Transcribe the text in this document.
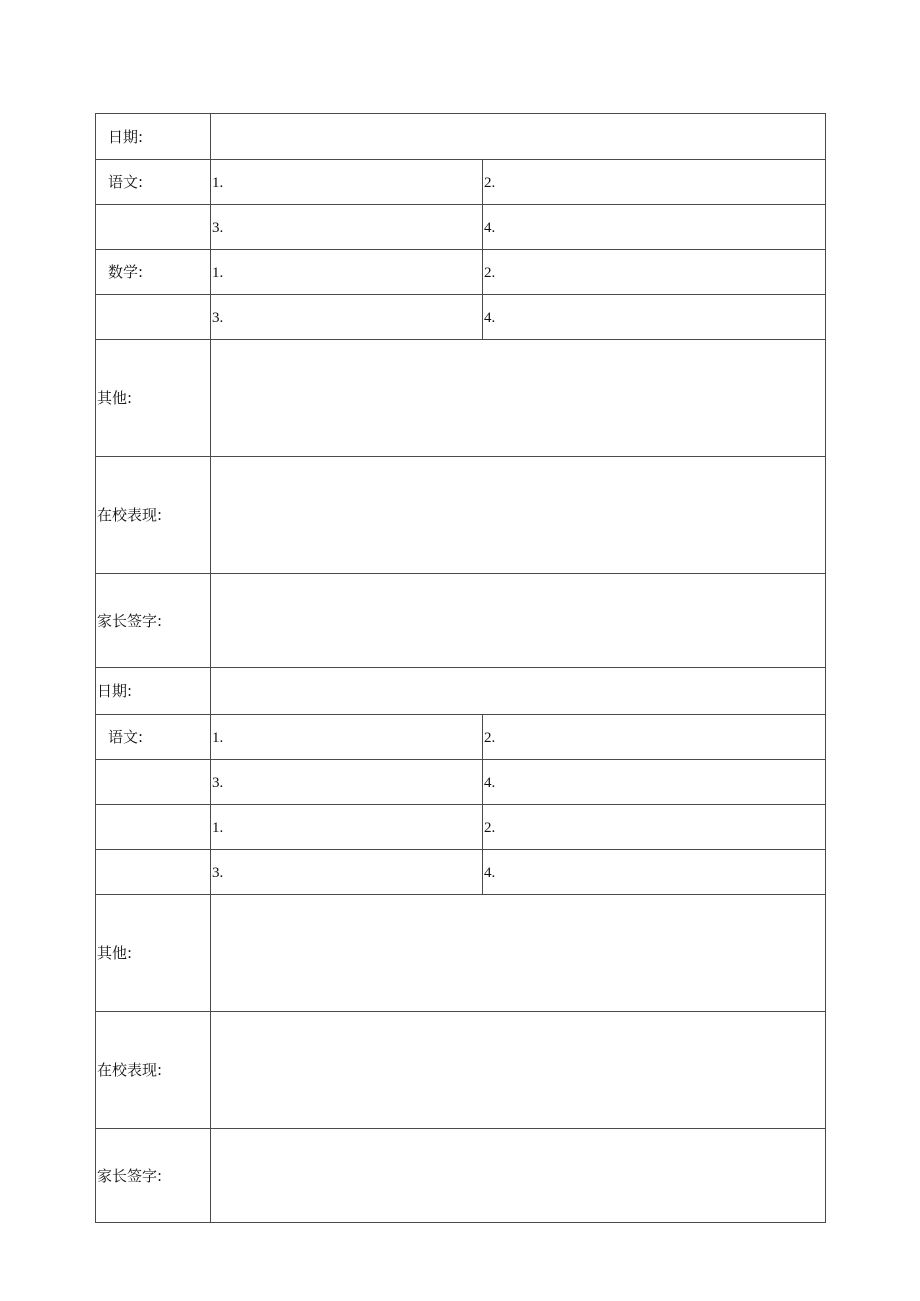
日期:		
语文:	1.	2.
	3.	4.
数学:	1.	2.
	3.	4.
其他:		
在校表现:		
家长签字:		
日期:		
语文:	1.	2.
	3.	4.
	1.	2.
	3.	4.
其他:		
在校表现:		
家长签字:		
